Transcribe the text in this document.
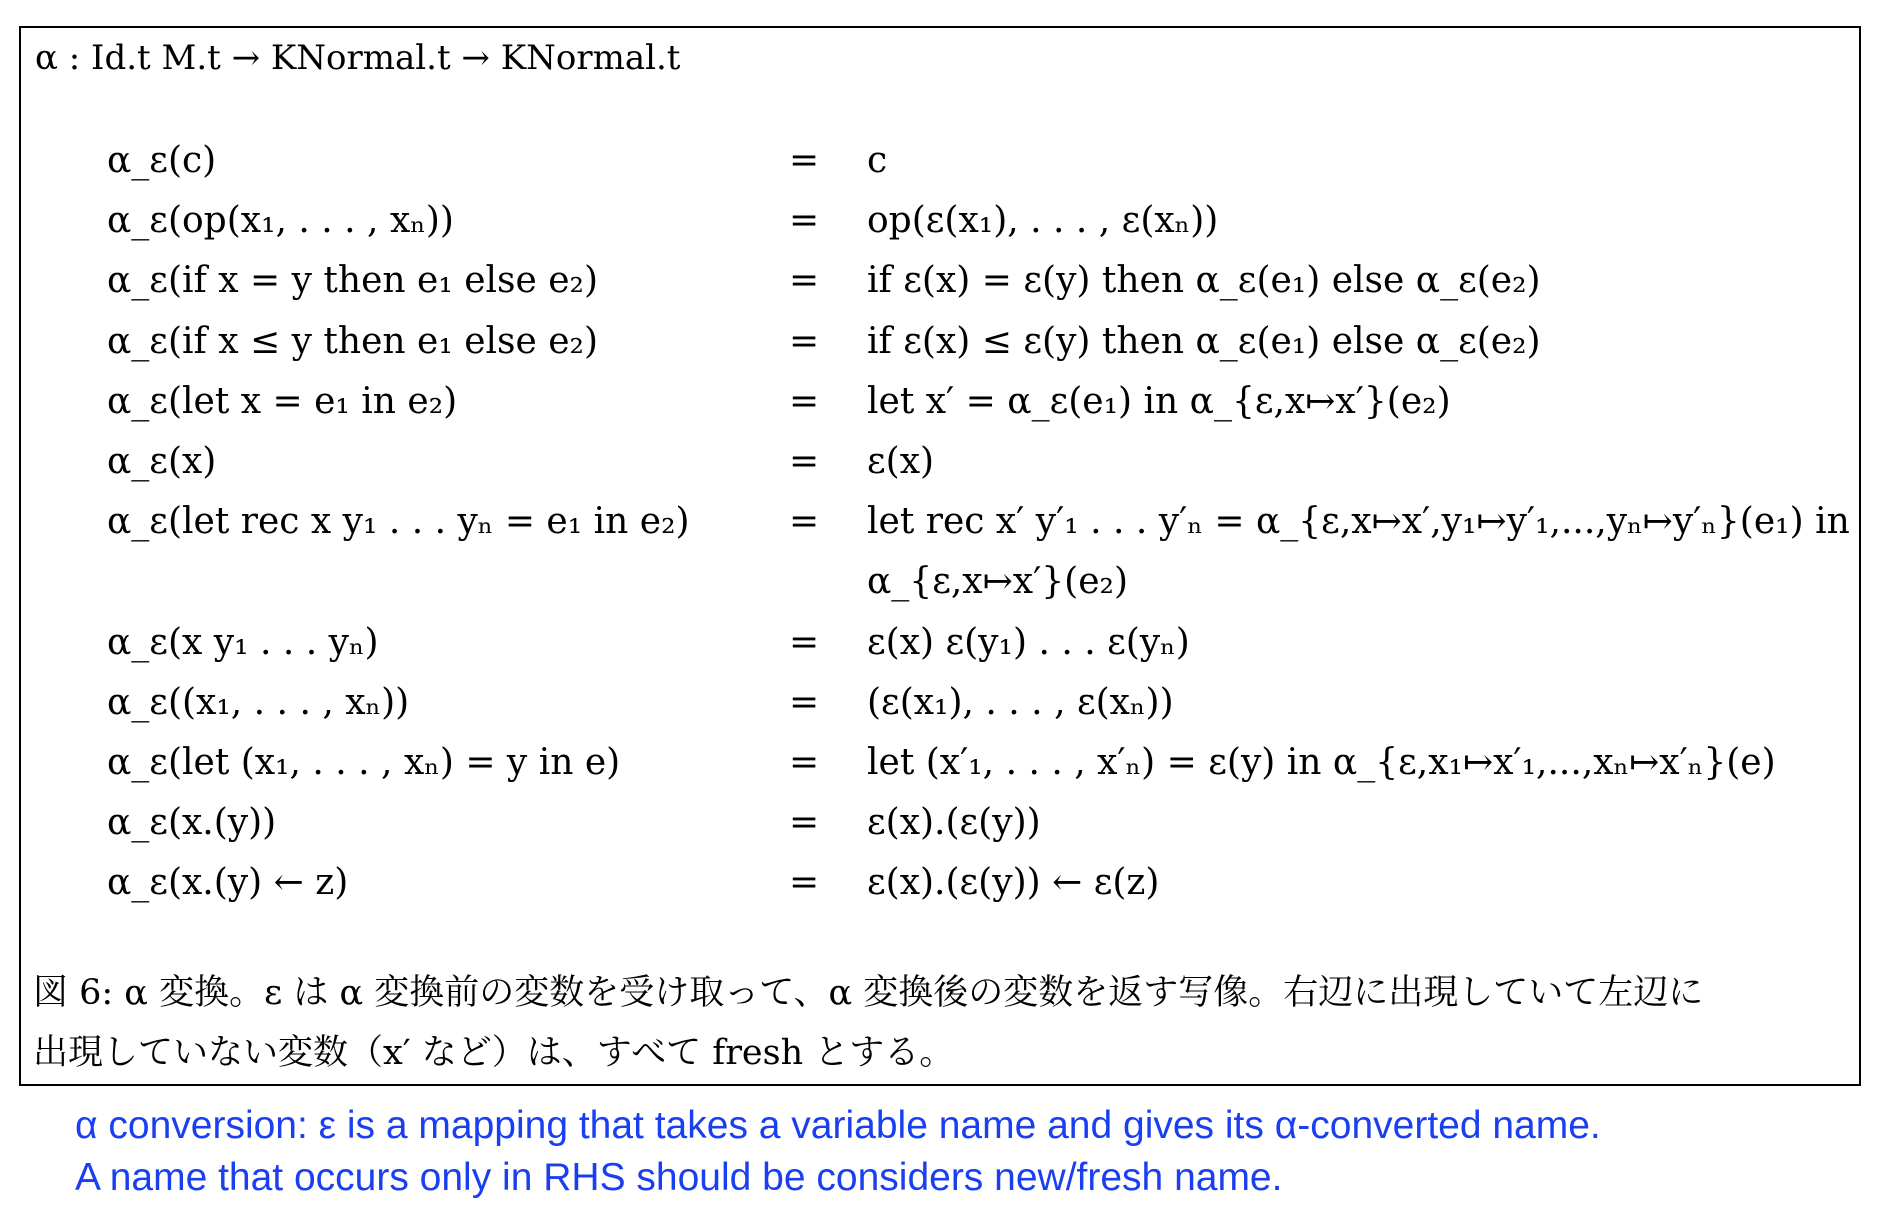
α : Id.t M.t → KNormal.t → KNormal.t
α_ε(c)	= c
α_ε(op(x₁, . . . , xₙ))	= op(ε(x₁), . . . , ε(xₙ))
α_ε(if x = y then e₁ else e₂)	= if ε(x) = ε(y) then α_ε(e₁) else α_ε(e₂)
α_ε(if x ≤ y then e₁ else e₂)	= if ε(x) ≤ ε(y) then α_ε(e₁) else α_ε(e₂)
α_ε(let x = e₁ in e₂)	= let x′ = α_ε(e₁) in α_{ε,x↦x′}(e₂)
α_ε(x)	= ε(x)
α_ε(let rec x y₁ . . . yₙ = e₁ in e₂)	= let rec x′ y′₁ . . . y′ₙ = α_{ε,x↦x′,y₁↦y′₁,...,yₙ↦y′ₙ}(e₁) in
α_{ε,x↦x′}(e₂)
α_ε(x y₁ . . . yₙ)	= ε(x) ε(y₁) . . . ε(yₙ)
α_ε((x₁, . . . , xₙ))	= (ε(x₁), . . . , ε(xₙ))
α_ε(let (x₁, . . . , xₙ) = y in e)	= let (x′₁, . . . , x′ₙ) = ε(y) in α_{ε,x₁↦x′₁,...,xₙ↦x′ₙ}(e)
α_ε(x.(y))	= ε(x).(ε(y))
α_ε(x.(y) ← z)	= ε(x).(ε(y)) ← ε(z)
図 6: α 変換。ε は α 変換前の変数を受け取って、α 変換後の変数を返す写像。右辺に出現していて左辺に
出現していない変数（x′ など）は、すべて fresh とする。
α conversion: ε is a mapping that takes a variable name and gives its α-converted name.
A name that occurs only in RHS should be considers new/fresh name.
